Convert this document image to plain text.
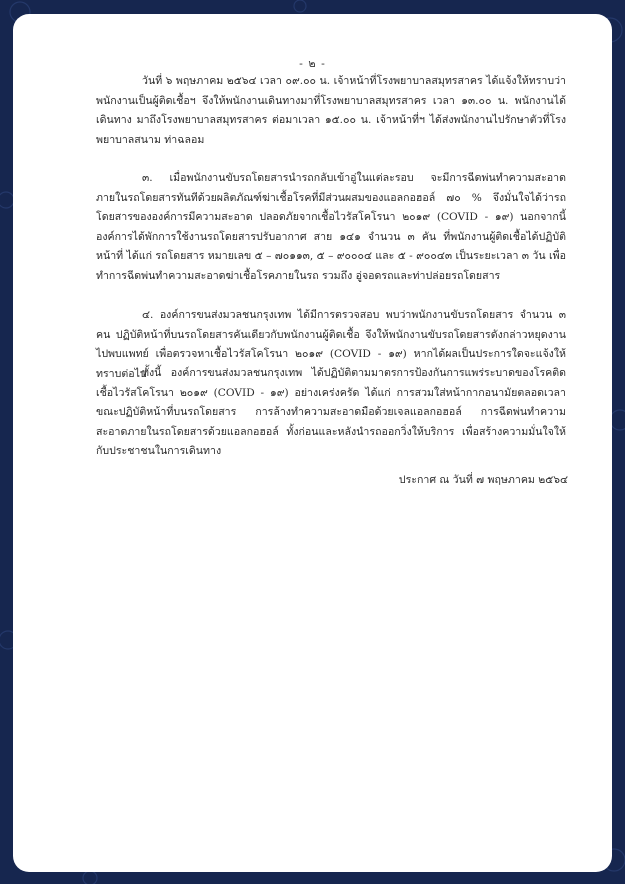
- ๒ -

วันที่ ๖ พฤษภาคม ๒๕๖๔ เวลา ๐๙.๐๐ น. เจ้าหน้าที่โรงพยาบาลสมุทรสาคร ได้แจ้งให้ทราบว่า พนักงานเป็นผู้ติดเชื้อฯ จึงให้พนักงานเดินทางมาที่โรงพยาบาลสมุทรสาคร เวลา ๑๓.๐๐ น. พนักงานได้เดินทาง มาถึงโรงพยาบาลสมุทรสาคร ต่อมาเวลา ๑๕.๐๐ น. เจ้าหน้าที่ฯ ได้ส่งพนักงานไปรักษาตัวที่โรงพยาบาลสนาม ท่าฉลอม

๓. เมื่อพนักงานขับรถโดยสารนำรถกลับเข้าอู่ในแต่ละรอบ จะมีการฉีดพ่นทำความสะอาดภายในรถโดยสารทันทีด้วยผลิตภัณฑ์ฆ่าเชื้อโรคที่มีส่วนผสมของแอลกอฮอล์ ๗๐ % จึงมั่นใจได้ว่ารถโดยสารขององค์การมีความสะอาด ปลอดภัยจากเชื้อไวรัสโคโรนา ๒๐๑๙ (COVID - ๑๙) นอกจากนี้ องค์การได้พักการใช้งานรถโดยสารปรับอากาศ สาย ๑๔๑ จำนวน ๓ คัน ที่พนักงานผู้ติดเชื้อได้ปฏิบัติหน้าที่ ได้แก่ รถโดยสาร หมายเลข ๕ – ๗๐๑๑๓, ๕ – ๙๐๐๐๔ และ ๕ - ๙๐๐๔๓ เป็นระยะเวลา ๓ วัน เพื่อทำการฉีดพ่นทำความสะอาดฆ่าเชื้อโรคภายในรถ รวมถึง อู่จอดรถและท่าปล่อยรถโดยสาร

๔. องค์การขนส่งมวลชนกรุงเทพ ได้มีการตรวจสอบ พบว่าพนักงานขับรถโดยสาร จำนวน ๓ คน ปฏิบัติหน้าที่บนรถโดยสารคันเดียวกับพนักงานผู้ติดเชื้อ จึงให้พนักงานขับรถโดยสารดังกล่าวหยุดงานไปพบแพทย์ เพื่อตรวจหาเชื้อไวรัสโคโรนา ๒๐๑๙ (COVID - ๑๙) หากได้ผลเป็นประการใดจะแจ้งให้ทราบต่อไป

ทั้งนี้ องค์การขนส่งมวลชนกรุงเทพ ได้ปฏิบัติตามมาตรการป้องกันการแพร่ระบาดของโรคติดเชื้อไวรัสโคโรนา ๒๐๑๙ (COVID - ๑๙) อย่างเคร่งครัด ได้แก่ การสวมใส่หน้ากากอนามัยตลอดเวลาขณะปฏิบัติหน้าที่บนรถโดยสาร การล้างทำความสะอาดมือด้วยเจลแอลกอฮอล์ การฉีดพ่นทำความสะอาดภายในรถโดยสารด้วยแอลกอฮอล์ ทั้งก่อนและหลังนำรถออกวิ่งให้บริการ เพื่อสร้างความมั่นใจให้กับประชาชนในการเดินทาง

ประกาศ ณ วันที่ ๗ พฤษภาคม ๒๕๖๔
